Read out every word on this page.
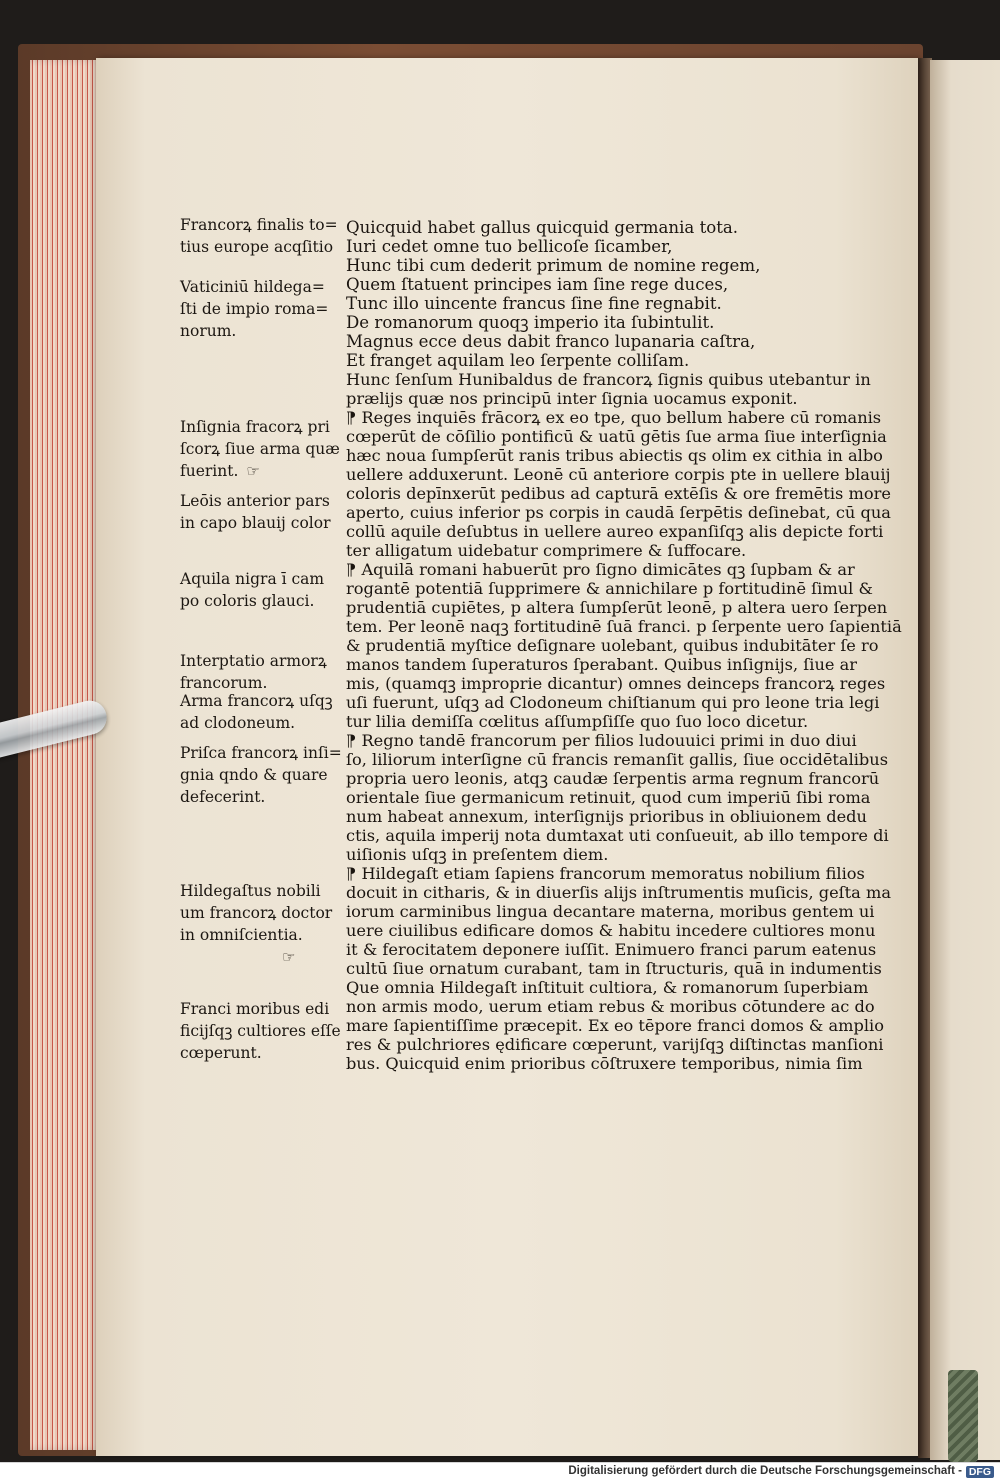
Francorꝝ finalis to=
tius europe acqſitio
Vaticiniū hildega=
ſti de impio roma=
norum.
Inſignia fracorꝝ pri
ſcorꝝ ſiue arma quæ
fuerint. ☞
Leōis anterior pars
in capo blauij color
Aquila nigra ī cam
po coloris glauci.
Interptatio armorꝝ
francorum.
Arma francorꝝ uſqꝫ
ad clodoneum.
Priſca francorꝝ inſi=
gnia qndo & quare
defecerint.
Hildegaſtus nobili
um francorꝝ doctor
in omniſcientia.
☞
Franci moribus edi
ficijſqꝫ cultiores eſſe
cœperunt.
Quicquid habet gallus quicquid germania tota.
Iuri cedet omne tuo bellicoſe ſicamber,
Hunc tibi cum dederit primum de nomine regem,
Quem ſtatuent principes iam ſine rege duces,
Tunc illo uincente francus ſine fine regnabit.
De romanorum quoqꝫ imperio ita ſubintulit.
Magnus ecce deus dabit franco lupanaria caſtra,
Et franget aquilam leo ſerpente colliſam.
Hunc ſenſum Hunibaldus de francorꝝ ſignis quibus utebantur in
prælijs quæ nos principū inter ſignia uocamus exponit.
⁋ Reges inquiēs frācorꝝ ex eo tpe, quo bellum habere cū romanis
cœperūt de cōſilio pontificū & uatū gētis ſue arma ſiue interſignia
hæc noua ſumpſerūt ranis tribus abiectis qs olim ex cithia in albo
uellere adduxerunt. Leonē cū anteriore corpis pte in uellere blauij
coloris depīnxerūt pedibus ad capturā extēſis & ore fremētis more
aperto, cuius inferior ps corpis in caudā ſerpētis deſinebat, cū qua
collū aquile deſubtus in uellere aureo expanſiſqꝫ alis depicte forti
ter alligatum uidebatur comprimere & ſuffocare.
⁋ Aquilā romani habuerūt pro ſigno dimicātes qꝫ ſupbam & ar
rogantē potentiā ſupprimere & annichilare p fortitudinē ſimul &
prudentiā cupiētes, p altera ſumpſerūt leonē, p altera uero ſerpen
tem. Per leonē naqꝫ fortitudinē ſuā franci. p ſerpente uero ſapientiā
& prudentiā myſtice deſignare uolebant, quibus indubitāter ſe ro
manos tandem ſuperaturos ſperabant. Quibus inſignijs, ſiue ar
mis, (quamqꝫ improprie dicantur) omnes deinceps francorꝝ reges
uſi fuerunt, uſqꝫ ad Clodoneum chiſtianum qui pro leone tria legi
tur lilia demiſſa cœlitus aſſumpſiſſe quo ſuo loco dicetur.
⁋ Regno tandē francorum per filios ludouuici primi in duo diui
ſo, liliorum interſigne cū francis remanſit gallis, ſiue occidētalibus
propria uero leonis, atqꝫ caudæ ſerpentis arma regnum francorū
orientale ſiue germanicum retinuit, quod cum imperiū ſibi roma
num habeat annexum, interſignijs prioribus in obliuionem dedu
ctis, aquila imperij nota dumtaxat uti conſueuit, ab illo tempore di
uiſionis uſqꝫ in preſentem diem.
⁋ Hildegaſt etiam ſapiens francorum memoratus nobilium filios
docuit in citharis, & in diuerſis alijs inſtrumentis muſicis, geſta ma
iorum carminibus lingua decantare materna, moribus gentem ui
uere ciuilibus edificare domos & habitu incedere cultiores monu
it & ferocitatem deponere iuſſit. Enimuero franci parum eatenus
cultū ſiue ornatum curabant, tam in ſtructuris, quā in indumentis
Que omnia Hildegaſt inſtituit cultiora, & romanorum ſuperbiam
non armis modo, uerum etiam rebus & moribus cōtundere ac do
mare ſapientiſſime præcepit. Ex eo tēpore franci domos & amplio
res & pulchriores ędificare cœperunt, varijſqꝫ diſtinctas manſioni
bus. Quicquid enim prioribus cōſtruxere temporibus, nimia ſim
Digitalisierung gefördert durch die Deutsche Forschungsgemeinschaft - DFG
